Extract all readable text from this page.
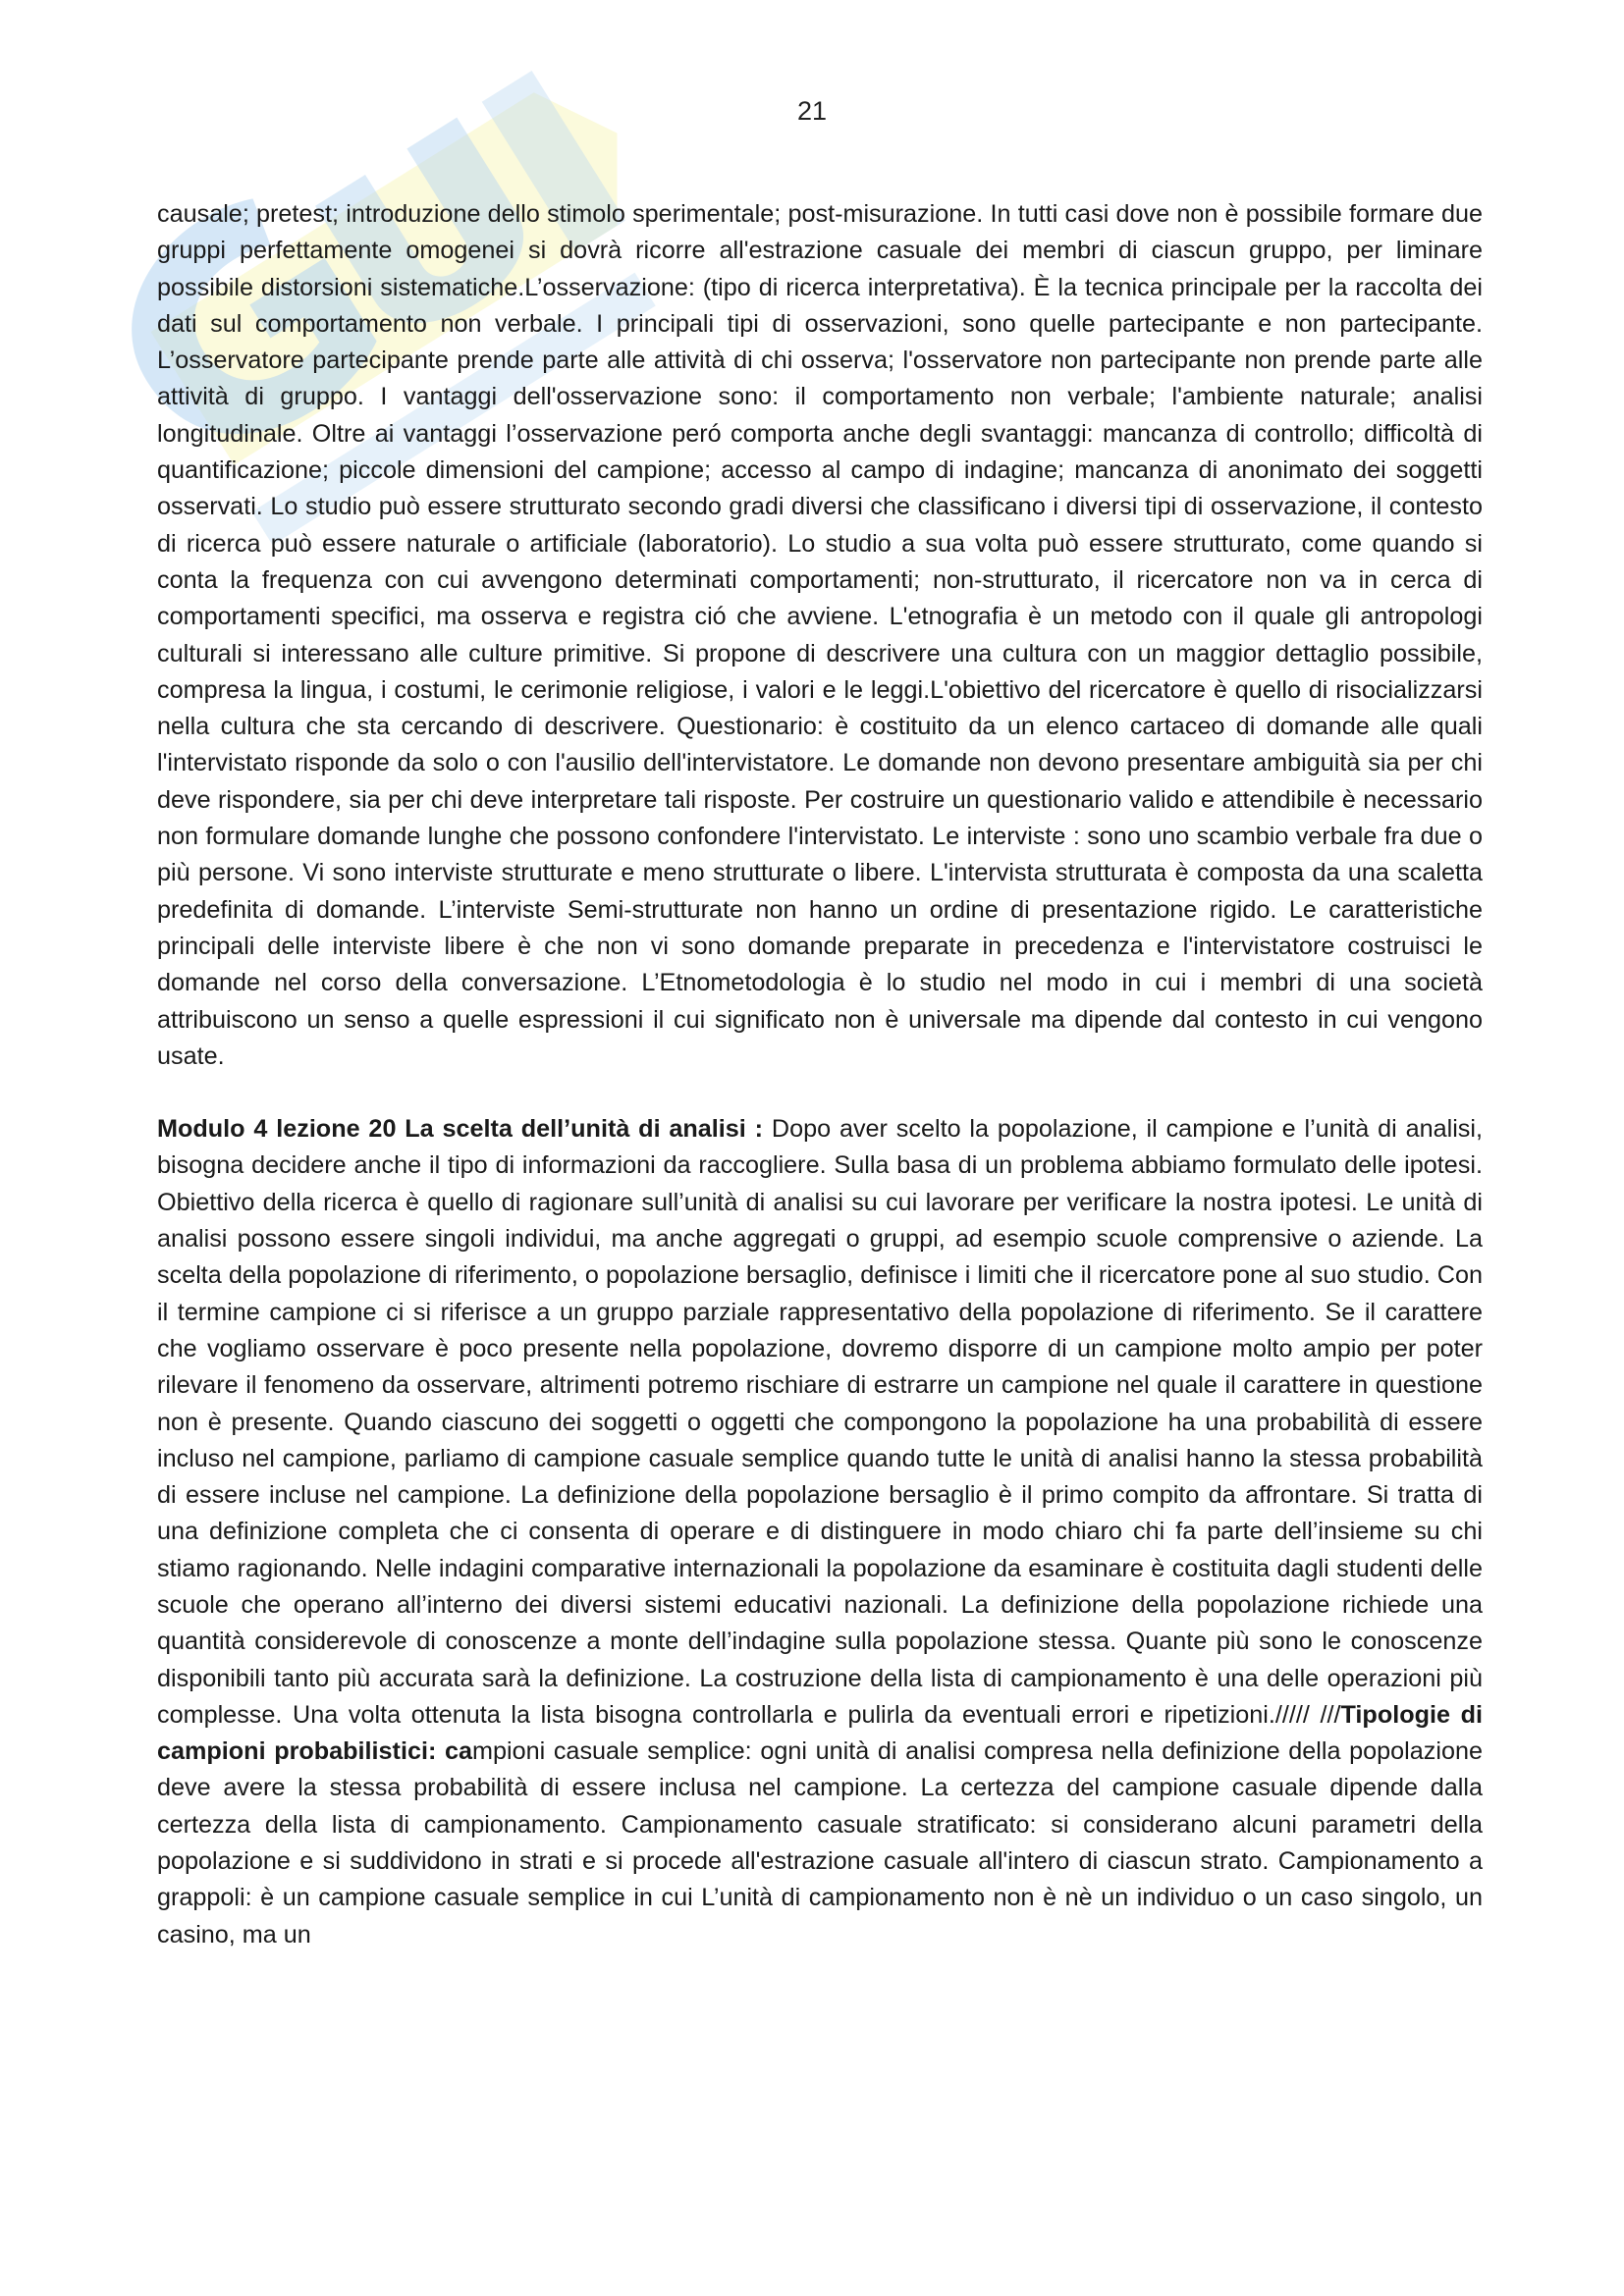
21

causale; pretest; introduzione dello stimolo sperimentale; post-misurazione. In tutti casi dove non è possibile formare due gruppi perfettamente omogenei si dovrà ricorre all'estrazione casuale dei membri di ciascun gruppo, per liminare possibile distorsioni sistematiche.L’osservazione: (tipo di ricerca interpretativa). È la tecnica principale per la raccolta dei dati sul comportamento non verbale. I principali tipi di osservazioni, sono quelle partecipante e non partecipante. L’osservatore partecipante prende parte alle attività di chi osserva; l'osservatore non partecipante non prende parte alle attività di gruppo. I vantaggi dell'osservazione sono: il comportamento non verbale; l'ambiente naturale; analisi longitudinale. Oltre ai vantaggi l’osservazione peró comporta anche degli svantaggi: mancanza di controllo; difficoltà di quantificazione; piccole dimensioni del campione; accesso al campo di indagine; mancanza di anonimato dei soggetti osservati. Lo studio può essere strutturato secondo gradi diversi che classificano i diversi tipi di osservazione, il contesto di ricerca può essere naturale o artificiale (laboratorio). Lo studio a sua volta può essere strutturato, come quando si conta la frequenza con cui avvengono determinati comportamenti; non-strutturato, il ricercatore non va in cerca di comportamenti specifici, ma osserva e registra ció che avviene. L'etnografia è un metodo con il quale gli antropologi culturali si interessano alle culture primitive. Si propone di descrivere una cultura con un maggior dettaglio possibile, compresa la lingua, i costumi, le cerimonie religiose, i valori e le leggi.L'obiettivo del ricercatore è quello di risocializzarsi nella cultura che sta cercando di descrivere. Questionario: è costituito da un elenco cartaceo di domande alle quali l'intervistato risponde da solo o con l'ausilio dell'intervistatore. Le domande non devono presentare ambiguità sia per chi deve rispondere, sia per chi deve interpretare tali risposte. Per costruire un questionario valido e attendibile è necessario non formulare domande lunghe che possono confondere l'intervistato. Le interviste : sono uno scambio verbale fra due o più persone. Vi sono interviste strutturate e meno strutturate o libere. L'intervista strutturata è composta da una scaletta predefinita di domande. L’interviste Semi-strutturate non hanno un ordine di presentazione rigido. Le caratteristiche principali delle interviste libere è che non vi sono domande preparate in precedenza e l'intervistatore costruisci le domande nel corso della conversazione. L’Etnometodologia è lo studio nel modo in cui i membri di una società attribuiscono un senso a quelle espressioni il cui significato non è universale ma dipende dal contesto in cui vengono usate.

Modulo 4 lezione 20 La scelta dell’unità di analisi : Dopo aver scelto la popolazione, il campione e l’unità di analisi, bisogna decidere anche il tipo di informazioni da raccogliere. Sulla basa di un problema abbiamo formulato delle ipotesi. Obiettivo della ricerca è quello di ragionare sull’unità di analisi su cui lavorare per verificare la nostra ipotesi. Le unità di analisi possono essere singoli individui, ma anche aggregati o gruppi, ad esempio scuole comprensive o aziende. La scelta della popolazione di riferimento, o popolazione bersaglio, definisce i limiti che il ricercatore pone al suo studio. Con il termine campione ci si riferisce a un gruppo parziale rappresentativo della popolazione di riferimento. Se il carattere che vogliamo osservare è poco presente nella popolazione, dovremo disporre di un campione molto ampio per poter rilevare il fenomeno da osservare, altrimenti potremo rischiare di estrarre un campione nel quale il carattere in questione non è presente. Quando ciascuno dei soggetti o oggetti che compongono la popolazione ha una probabilità di essere incluso nel campione, parliamo di campione casuale semplice quando tutte le unità di analisi hanno la stessa probabilità di essere incluse nel campione. La definizione della popolazione bersaglio è il primo compito da affrontare. Si tratta di una definizione completa che ci consenta di operare e di distinguere in modo chiaro chi fa parte dell’insieme su chi stiamo ragionando. Nelle indagini comparative internazionali la popolazione da esaminare è costituita dagli studenti delle scuole che operano all’interno dei diversi sistemi educativi nazionali. La definizione della popolazione richiede una quantità considerevole di conoscenze a monte dell’indagine sulla popolazione stessa. Quante più sono le conoscenze disponibili tanto più accurata sarà la definizione. La costruzione della lista di campionamento è una delle operazioni più complesse. Una volta ottenuta la lista bisogna controllarla e pulirla da eventuali errori e ripetizioni.///// ///Tipologie di campioni probabilistici: campioni casuale semplice: ogni unità di analisi compresa nella definizione della popolazione deve avere la stessa probabilità di essere inclusa nel campione. La certezza del campione casuale dipende dalla certezza della lista di campionamento. Campionamento casuale stratificato: si considerano alcuni parametri della popolazione e si suddividono in strati e si procede all'estrazione casuale all'intero di ciascun strato. Campionamento a grappoli: è un campione casuale semplice in cui L’unità di campionamento non è nè un individuo o un caso singolo, un casino, ma un
